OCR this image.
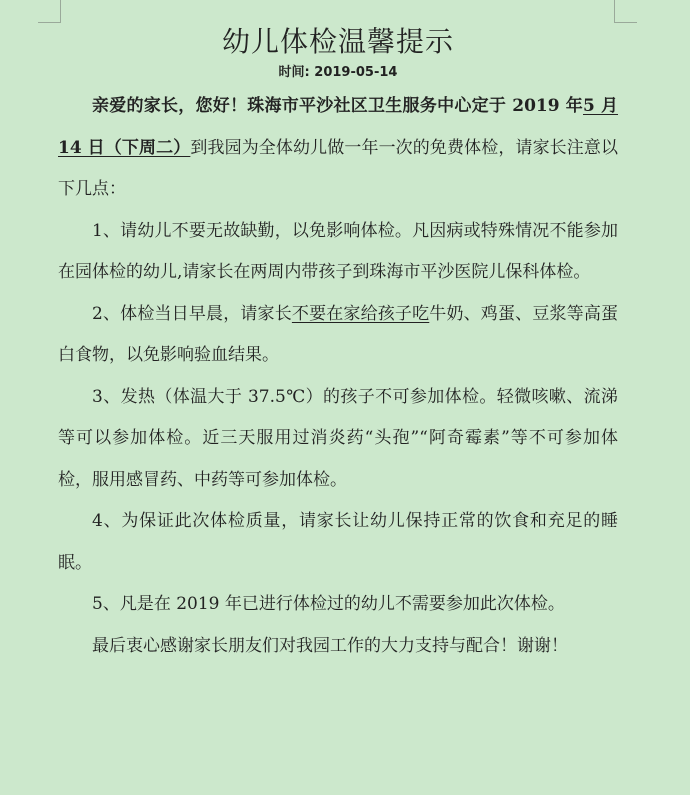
幼儿体检温馨提示
时间: 2019-05-14

亲爱的家长，您好！珠海市平沙社区卫生服务中心定于 2019 年5 月 14 日（下周二）到我园为全体幼儿做一年一次的免费体检，请家长注意以下几点：

1、请幼儿不要无故缺勤，以免影响体检。凡因病或特殊情况不能参加在园体检的幼儿,请家长在两周内带孩子到珠海市平沙医院儿保科体检。

2、体检当日早晨，请家长不要在家给孩子吃牛奶、鸡蛋、豆浆等高蛋白食物，以免影响验血结果。

3、发热（体温大于 37.5℃）的孩子不可参加体检。轻微咳嗽、流涕等可以参加体检。近三天服用过消炎药“头孢”“阿奇霉素”等不可参加体检，服用感冒药、中药等可参加体检。

4、为保证此次体检质量，请家长让幼儿保持正常的饮食和充足的睡眠。

5、凡是在 2019 年已进行体检过的幼儿不需要参加此次体检。

最后衷心感谢家长朋友们对我园工作的大力支持与配合！谢谢！
